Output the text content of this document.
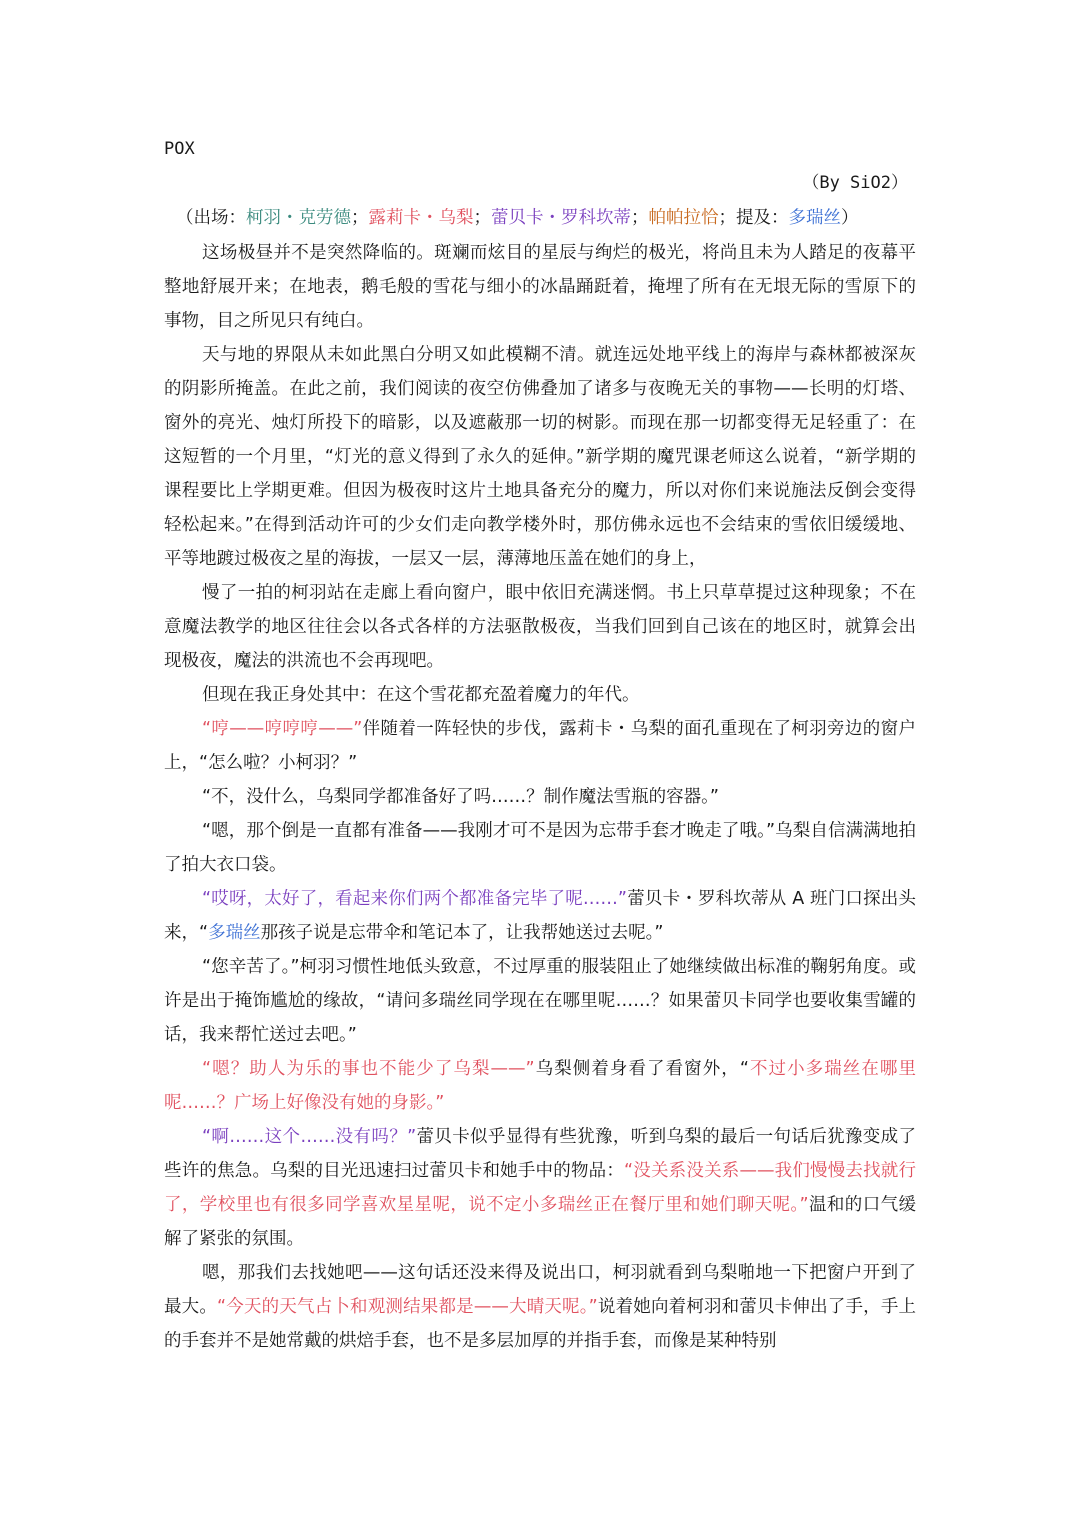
POX
（By SiO2）
（出场：柯羽・克劳德；露莉卡・乌梨；蕾贝卡・罗科坎蒂；帕帕拉恰；提及：多瑞丝）

这场极昼并不是突然降临的。斑斓而炫目的星辰与绚烂的极光，将尚且未为人踏足的夜幕平整地舒展开来；在地表，鹅毛般的雪花与细小的冰晶踊跹着，掩埋了所有在无垠无际的雪原下的事物，目之所见只有纯白。

天与地的界限从未如此黑白分明又如此模糊不清。就连远处地平线上的海岸与森林都被深灰的阴影所掩盖。在此之前，我们阅读的夜空仿佛叠加了诸多与夜晚无关的事物——长明的灯塔、窗外的亮光、烛灯所投下的暗影，以及遮蔽那一切的树影。而现在那一切都变得无足轻重了：在这短暂的一个月里，“灯光的意义得到了永久的延伸。”新学期的魔咒课老师这么说着，“新学期的课程要比上学期更难。但因为极夜时这片土地具备充分的魔力，所以对你们来说施法反倒会变得轻松起来。”在得到活动许可的少女们走向教学楼外时，那仿佛永远也不会结束的雪依旧缓缓地、平等地踱过极夜之星的海拔，一层又一层，薄薄地压盖在她们的身上，

慢了一拍的柯羽站在走廊上看向窗户，眼中依旧充满迷惘。书上只草草提过这种现象；不在意魔法教学的地区往往会以各式各样的方法驱散极夜，当我们回到自己该在的地区时，就算会出现极夜，魔法的洪流也不会再现吧。

但现在我正身处其中：在这个雪花都充盈着魔力的年代。

“哼——哼哼哼——”伴随着一阵轻快的步伐，露莉卡・乌梨的面孔重现在了柯羽旁边的窗户上，“怎么啦？小柯羽？”

“不，没什么，乌梨同学都准备好了吗……？制作魔法雪瓶的容器。”

“嗯，那个倒是一直都有准备——我刚才可不是因为忘带手套才晚走了哦。”乌梨自信满满地拍了拍大衣口袋。

“哎呀，太好了，看起来你们两个都准备完毕了呢……”蕾贝卡・罗科坎蒂从 A 班门口探出头来，“多瑞丝那孩子说是忘带伞和笔记本了，让我帮她送过去呢。”

“您辛苦了。”柯羽习惯性地低头致意，不过厚重的服装阻止了她继续做出标准的鞠躬角度。或许是出于掩饰尴尬的缘故，“请问多瑞丝同学现在在哪里呢……？如果蕾贝卡同学也要收集雪罐的话，我来帮忙送过去吧。”

“嗯？助人为乐的事也不能少了乌梨——”乌梨侧着身看了看窗外，“不过小多瑞丝在哪里呢……？广场上好像没有她的身影。”

“啊……这个……没有吗？”蕾贝卡似乎显得有些犹豫，听到乌梨的最后一句话后犹豫变成了些许的焦急。乌梨的目光迅速扫过蕾贝卡和她手中的物品：“没关系没关系——我们慢慢去找就行了，学校里也有很多同学喜欢星星呢，说不定小多瑞丝正在餐厅里和她们聊天呢。”温和的口气缓解了紧张的氛围。

嗯，那我们去找她吧——这句话还没来得及说出口，柯羽就看到乌梨啪地一下把窗户开到了最大。“今天的天气占卜和观测结果都是——大晴天呢。”说着她向着柯羽和蕾贝卡伸出了手，手上的手套并不是她常戴的烘焙手套，也不是多层加厚的并指手套，而像是某种特别
